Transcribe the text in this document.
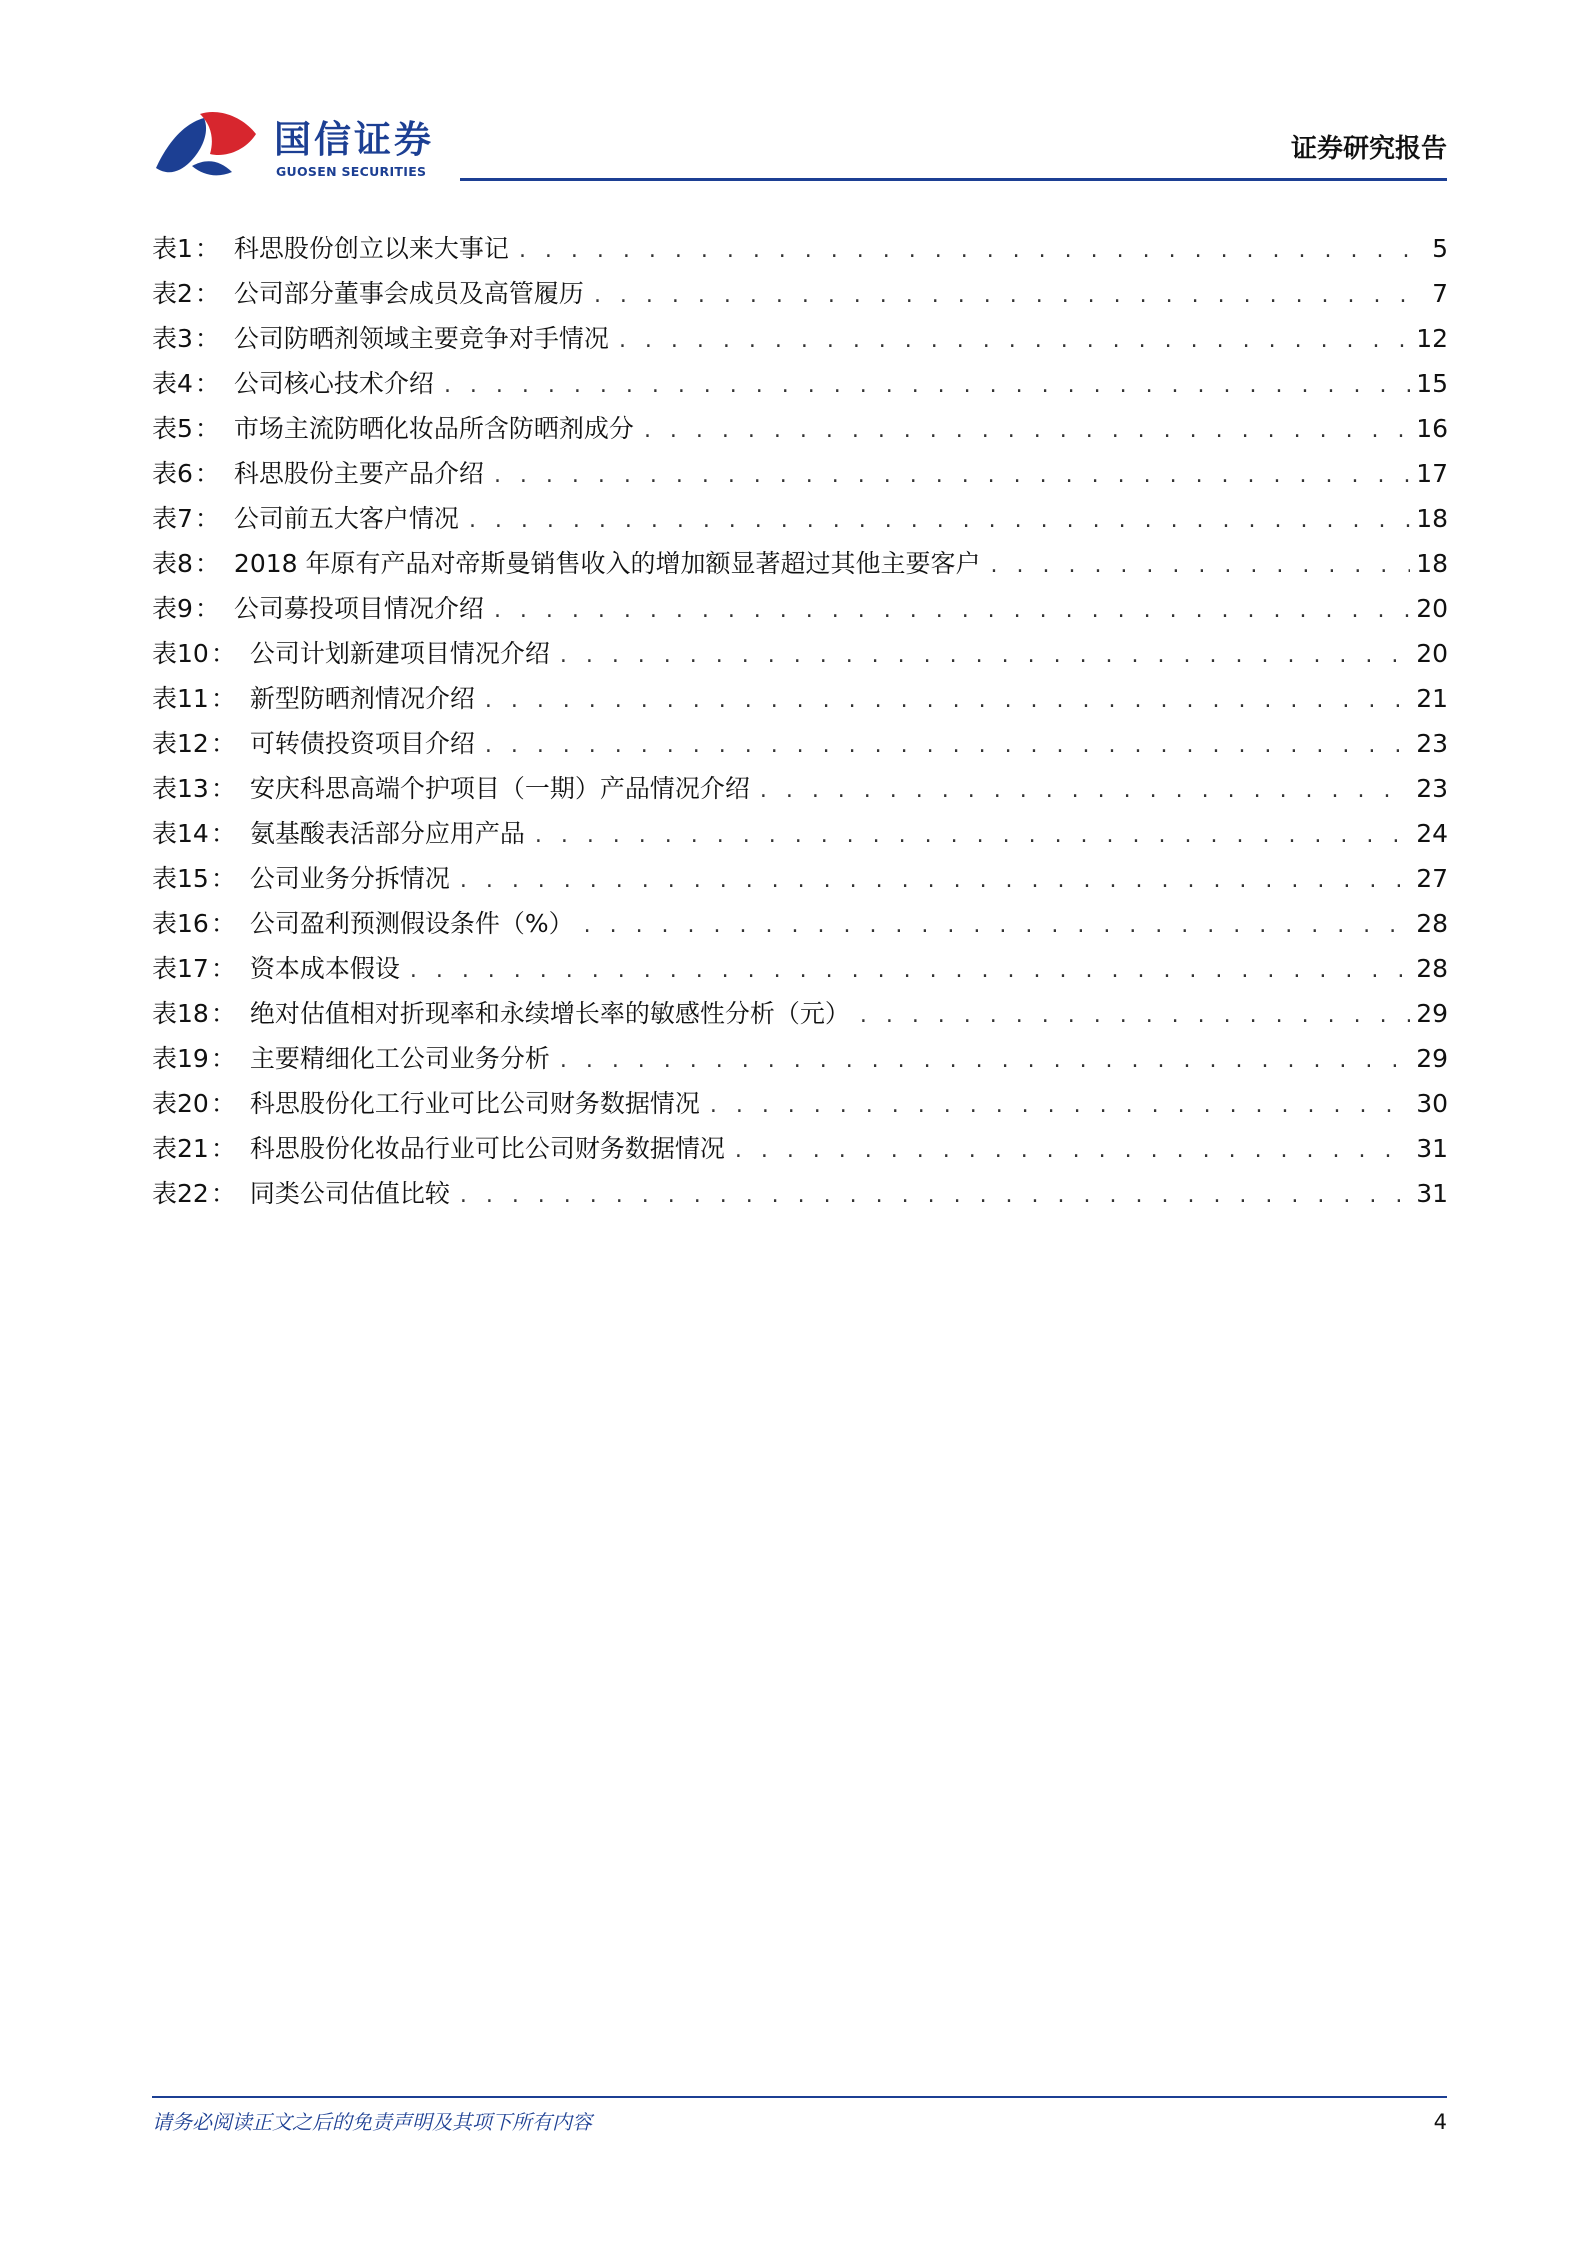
国信证券
GUOSEN SECURITIES
证券研究报告
表1 ： 科思股份创立以来大事记 . . .	5
表2 ： 公司部分董事会成员及高管履历 . . .	7
表3 ： 公司防晒剂领域主要竞争对手情况 . . .	12
表4 ： 公司核心技术介绍 . . .	15
表5 ： 市场主流防晒化妆品所含防晒剂成分 . . .	16
表6 ： 科思股份主要产品介绍 . . .	17
表7 ： 公司前五大客户情况 . . .	18
表8 ： 2018 年原有产品对帝斯曼销售收入的增加额显著超过其他主要客户 . . .	18
表9 ： 公司募投项目情况介绍 . . .	20
表10 ： 公司计划新建项目情况介绍 . . .	20
表11 ： 新型防晒剂情况介绍 . . .	21
表12 ： 可转债投资项目介绍 . . .	23
表13 ： 安庆科思高端个护项目（一期）产品情况介绍 . . .	23
表14 ： 氨基酸表活部分应用产品 . . .	24
表15 ： 公司业务分拆情况 . . .	27
表16 ： 公司盈利预测假设条件（%） . . .	28
表17 ： 资本成本假设 . . .	28
表18 ： 绝对估值相对折现率和永续增长率的敏感性分析（元） . . .	29
表19 ： 主要精细化工公司业务分析 . . .	29
表20 ： 科思股份化工行业可比公司财务数据情况 . . .	30
表21 ： 科思股份化妆品行业可比公司财务数据情况 . . .	31
表22 ： 同类公司估值比较 . . .	31
请务必阅读正文之后的免责声明及其项下所有内容	4
